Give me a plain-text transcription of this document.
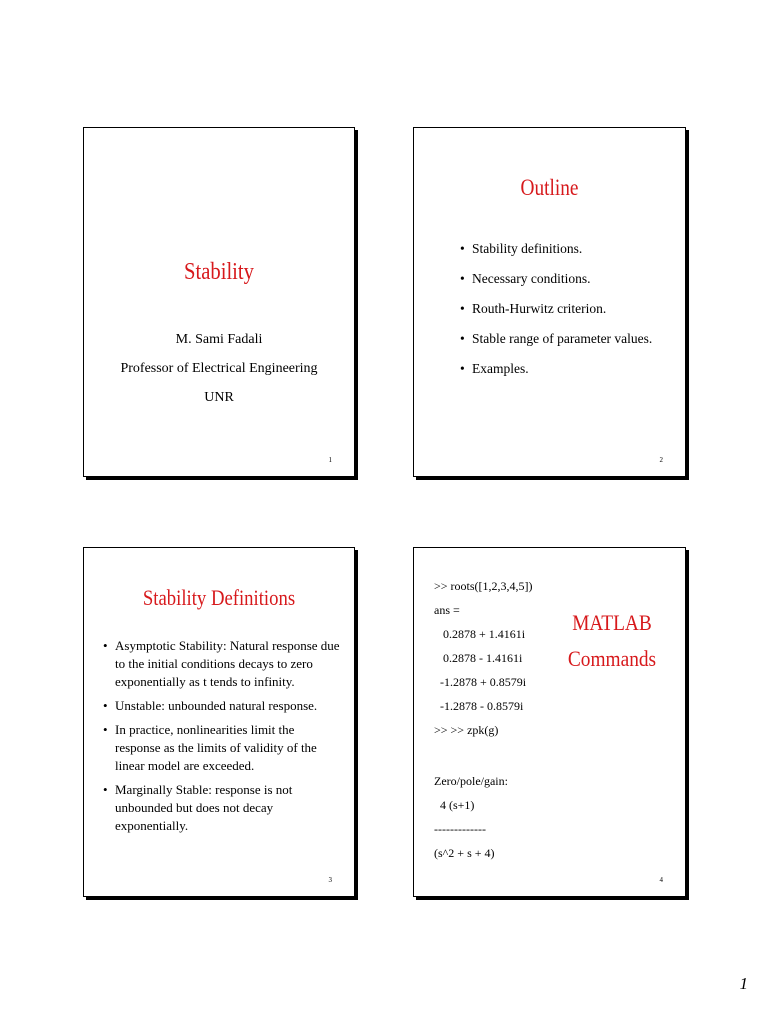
Stability
M. Sami Fadali
Professor of Electrical Engineering
UNR
1
Outline
• Stability definitions.
• Necessary conditions.
• Routh-Hurwitz criterion.
• Stable range of parameter values.
• Examples.
2
Stability Definitions
• Asymptotic Stability: Natural response due to the initial conditions decays to zero exponentially as t tends to infinity.
• Unstable: unbounded natural response.
• In practice, nonlinearities limit the response as the limits of validity of the linear model are exceeded.
• Marginally Stable: response is not unbounded but does not decay exponentially.
3
>> roots([1,2,3,4,5])
ans =
0.2878 + 1.4161i
0.2878 - 1.4161i
-1.2878 + 0.8579i
-1.2878 - 0.8579i
>> >> zpk(g)
Zero/pole/gain:
4 (s+1)
-------------
(s^2 + s + 4)
MATLAB
Commands
4
1
